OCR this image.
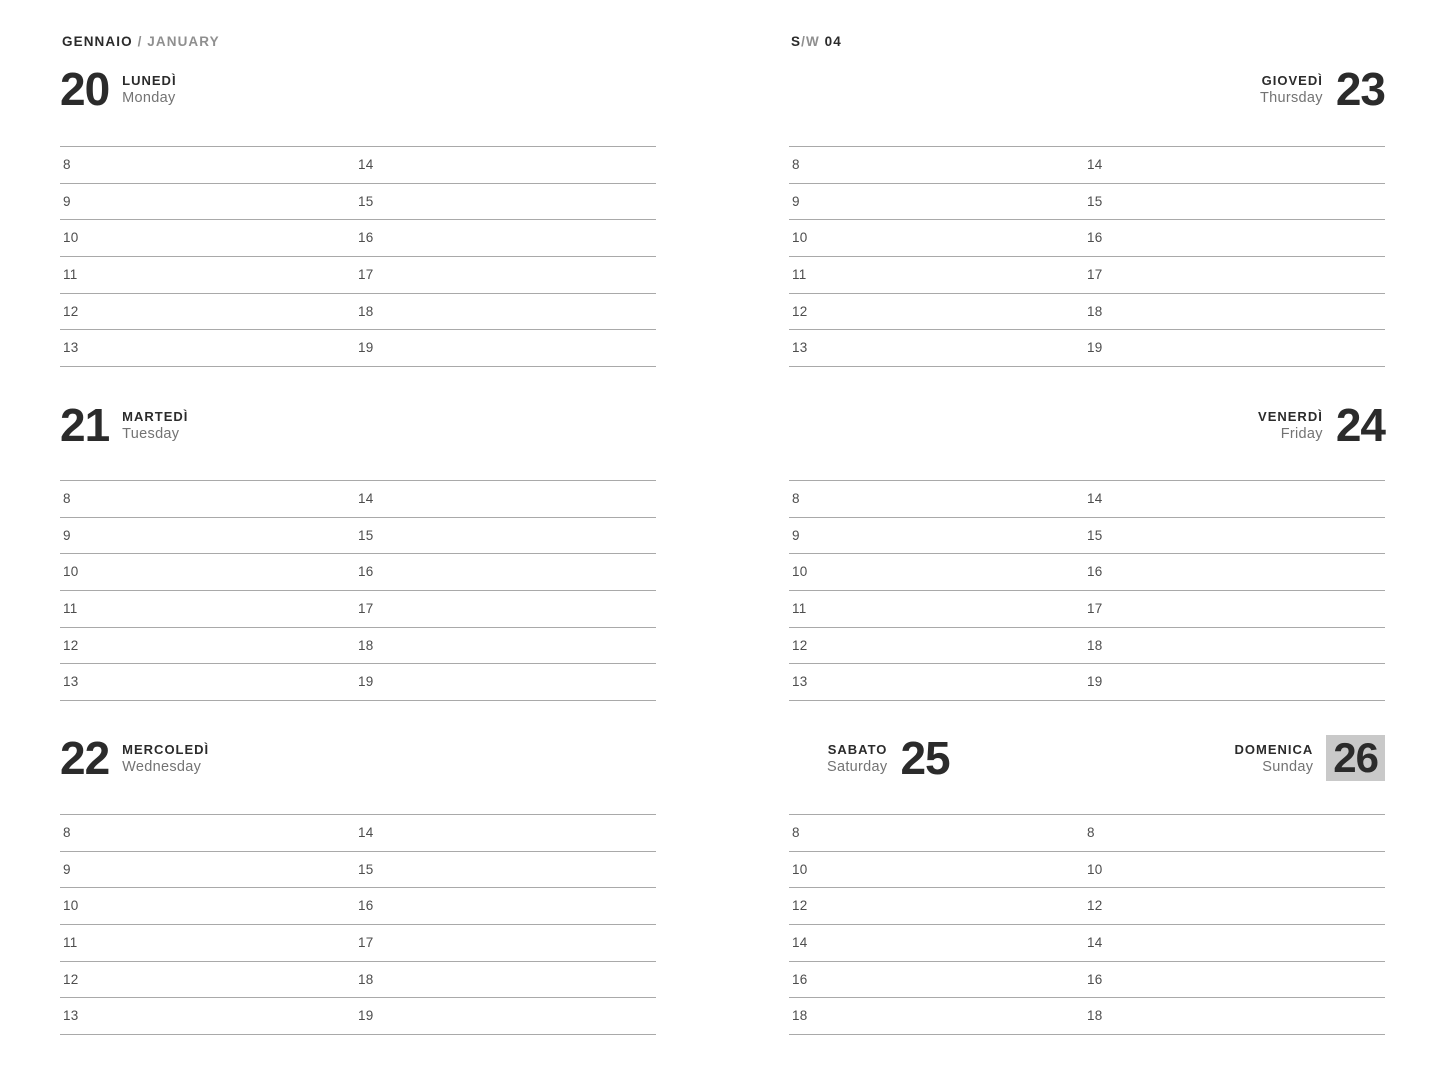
GENNAIO / JANUARY
20 LUNEDÌ
Monday
8	14
9	15
10	16
11	17
12	18
13	19
21 MARTEDÌ
Tuesday
8	14
9	15
10	16
11	17
12	18
13	19
22 MERCOLEDÌ
Wednesday
8	14
9	15
10	16
11	17
12	18
13	19
S/W 04
GIOVEDÌ
Thursday 23
8	14
9	15
10	16
11	17
12	18
13	19
VENERDÌ
Friday 24
8	14
9	15
10	16
11	17
12	18
13	19
SABATO
Saturday 25	DOMENICA
Sunday 26
8	8
10	10
12	12
14	14
16	16
18	18
